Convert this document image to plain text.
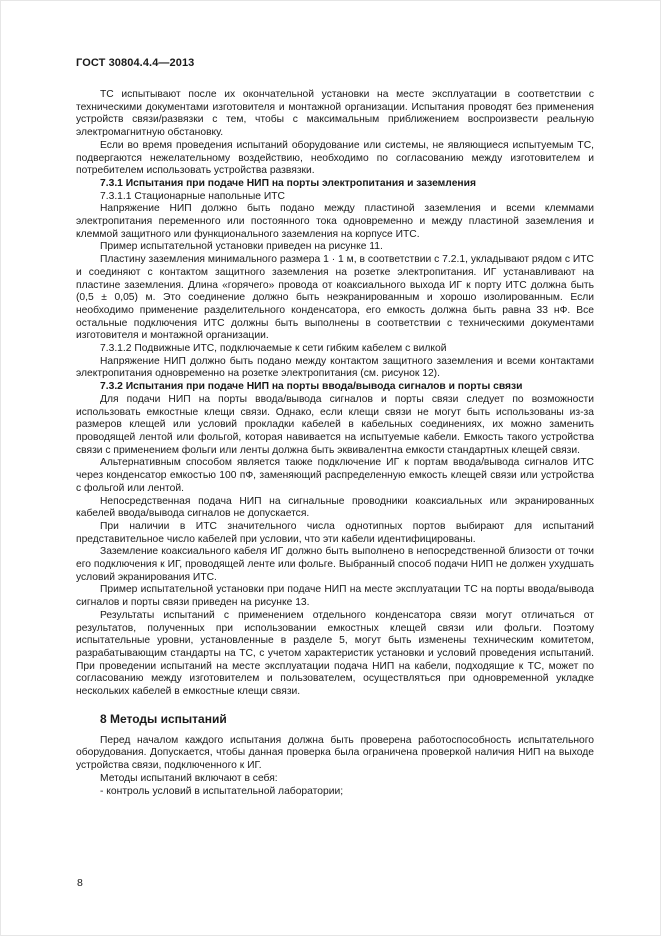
ГОСТ 30804.4.4—2013

ТС испытывают после их окончательной установки на месте эксплуатации в соответствии с техническими документами изготовителя и монтажной организации. Испытания проводят без применения устройств связи/развязки с тем, чтобы с максимальным приближением воспроизвести реальную электромагнитную обстановку.

Если во время проведения испытаний оборудование или системы, не являющиеся испытуемым ТС, подвергаются нежелательному воздействию, необходимо по согласованию между изготовителем и потребителем использовать устройства развязки.

7.3.1 Испытания при подаче НИП на порты электропитания и заземления

7.3.1.1 Стационарные напольные ИТС

Напряжение НИП должно быть подано между пластиной заземления и всеми клеммами электропитания переменного или постоянного тока одновременно и между пластиной заземления и клеммой защитного или функционального заземления на корпусе ИТС.

Пример испытательной установки приведен на рисунке 11.

Пластину заземления минимального размера 1 · 1 м, в соответствии с 7.2.1, укладывают рядом с ИТС и соединяют с контактом защитного заземления на розетке электропитания. ИГ устанавливают на пластине заземления. Длина «горячего» провода от коаксиального выхода ИГ к порту ИТС должна быть (0,5 ± 0,05) м. Это соединение должно быть неэкранированным и хорошо изолированным. Если необходимо применение разделительного конденсатора, его емкость должна быть равна 33 нФ. Все остальные подключения ИТС должны быть выполнены в соответствии с техническими документами изготовителя и монтажной организации.

7.3.1.2 Подвижные ИТС, подключаемые к сети гибким кабелем с вилкой

Напряжение НИП должно быть подано между контактом защитного заземления и всеми контактами электропитания одновременно на розетке электропитания (см. рисунок 12).

7.3.2 Испытания при подаче НИП на порты ввода/вывода сигналов и порты связи

Для подачи НИП на порты ввода/вывода сигналов и порты связи следует по возможности использовать емкостные клещи связи. Однако, если клещи связи не могут быть использованы из-за размеров клещей или условий прокладки кабелей в кабельных соединениях, их можно заменить проводящей лентой или фольгой, которая навивается на испытуемые кабели. Емкость такого устройства связи с применением фольги или ленты должна быть эквивалентна емкости стандартных клещей связи.

Альтернативным способом является также подключение ИГ к портам ввода/вывода сигналов ИТС через конденсатор емкостью 100 пФ, заменяющий распределенную емкость клещей связи или устройства с фольгой или лентой.

Непосредственная подача НИП на сигнальные проводники коаксиальных или экранированных кабелей ввода/вывода сигналов не допускается.

При наличии в ИТС значительного числа однотипных портов выбирают для испытаний представительное число кабелей при условии, что эти кабели идентифицированы.

Заземление коаксиального кабеля ИГ должно быть выполнено в непосредственной близости от точки его подключения к ИГ, проводящей ленте или фольге. Выбранный способ подачи НИП не должен ухудшать условий экранирования ИТС.

Пример испытательной установки при подаче НИП на месте эксплуатации ТС на порты ввода/вывода сигналов и порты связи приведен на рисунке 13.

Результаты испытаний с применением отдельного конденсатора связи могут отличаться от результатов, полученных при использовании емкостных клещей связи или фольги. Поэтому испытательные уровни, установленные в разделе 5, могут быть изменены техническим комитетом, разрабатывающим стандарты на ТС, с учетом характеристик установки и условий проведения испытаний. При проведении испытаний на месте эксплуатации подача НИП на кабели, подходящие к ТС, может по согласованию между изготовителем и пользователем, осуществляться при одновременной укладке нескольких кабелей в емкостные клещи связи.

8 Методы испытаний

Перед началом каждого испытания должна быть проверена работоспособность испытательного оборудования. Допускается, чтобы данная проверка была ограничена проверкой наличия НИП на выходе устройства связи, подключенного к ИГ.

Методы испытаний включают в себя:

- контроль условий в испытательной лаборатории;

8
